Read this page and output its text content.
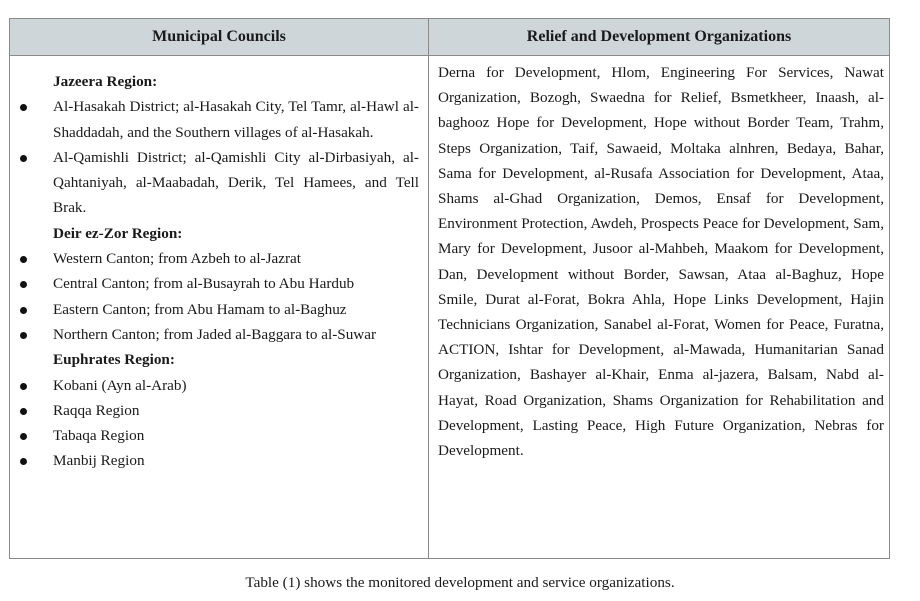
Municipal Councils	Relief and Development Organizations

Jazeera Region:

Al-Hasakah District; al-Hasakah City, Tel Tamr, al-Hawl al-Shaddadah, and the Southern villages of al-Hasakah.

Al-Qamishli District; al-Qamishli City al-Dirbasiyah, al-Qahtaniyah, al-Maabadah, Derik, Tel Hamees, and Tell Brak.

Deir ez-Zor Region:

Western Canton; from Azbeh to al-Jazrat

Central Canton; from al-Busayrah to Abu Hardub

Eastern Canton; from Abu Hamam to al-Baghuz

Northern Canton; from Jaded al-Baggara to al-Suwar

Euphrates Region:

Kobani (Ayn al-Arab)

Raqqa Region

Tabaqa Region

Manbij Region

Derna for Development, Hlom, Engineering For Services, Nawat Organization, Bozogh, Swaedna for Relief, Bsmetkheer, Inaash, al-baghooz Hope for Development, Hope without Border Team, Trahm, Steps Organization, Taif, Sawaeid, Moltaka alnhren, Bedaya, Bahar, Sama for Development, al-Rusafa Association for Development, Ataa, Shams al-Ghad Organization, Demos, Ensaf for Development, Environment Protection, Awdeh, Prospects Peace for Development, Sam, Mary for Development, Jusoor al-Mahbeh, Maakom for Development, Dan, Development without Border, Sawsan, Ataa al-Baghuz, Hope Smile, Durat al-Forat, Bokra Ahla, Hope Links Development, Hajin Technicians Organization, Sanabel al-Forat, Women for Peace, Furatna, ACTION, Ishtar for Development, al-Mawada, Humanitarian Sanad Organization, Bashayer al-Khair, Enma al-jazera, Balsam, Nabd al-Hayat, Road Organization, Shams Organization for Rehabilitation and Development, Lasting Peace, High Future Organization, Nebras for Development.
Table (1) shows the monitored development and service organizations.
